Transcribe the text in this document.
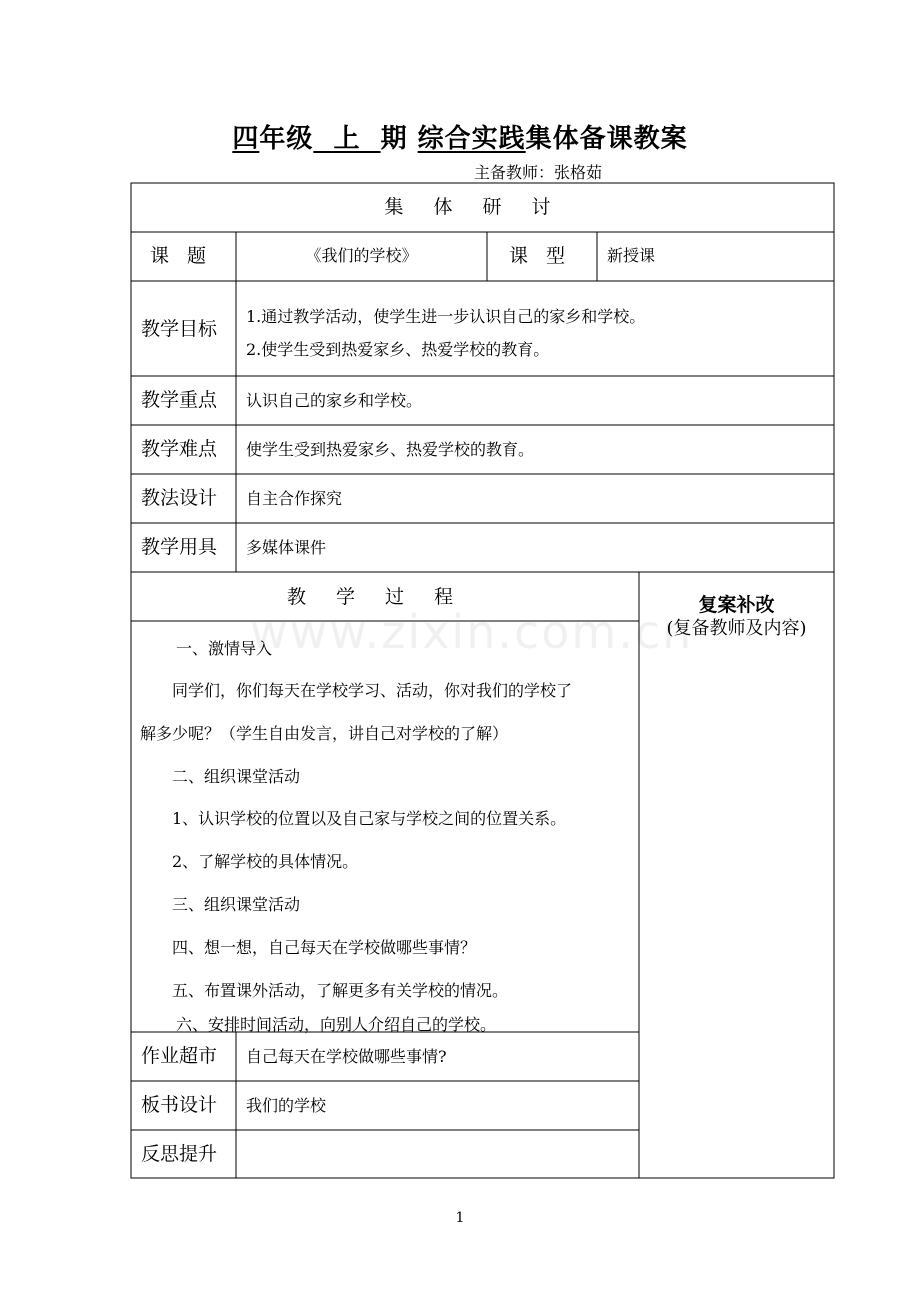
四年级 上 期 综合实践集体备课教案
主备教师：张格茹
集体研讨
课题	《我们的学校》	课型 新授课
教学目标
1.通过教学活动，使学生进一步认识自己的家乡和学校。
2.使学生受到热爱家乡、热爱学校的教育。
教学重点 认识自己的家乡和学校。
教学难点 使学生受到热爱家乡、热爱学校的教育。
教法设计 自主合作探究
教学用具 多媒体课件
教学过程	复案补改
(复备教师及内容)
www.zixin.com.cn

一、激情导入

同学们，你们每天在学校学习、活动，你对我们的学校了

解多少呢？（学生自由发言，讲自己对学校的了解）

二、组织课堂活动

1、认识学校的位置以及自己家与学校之间的位置关系。

2、了解学校的具体情况。

三、组织课堂活动

四、想一想，自己每天在学校做哪些事情？

五、布置课外活动，了解更多有关学校的情况。

六、安排时间活动，向别人介绍自己的学校。

作业超市 自己每天在学校做哪些事情?
板书设计 我们的学校
反思提升
1
